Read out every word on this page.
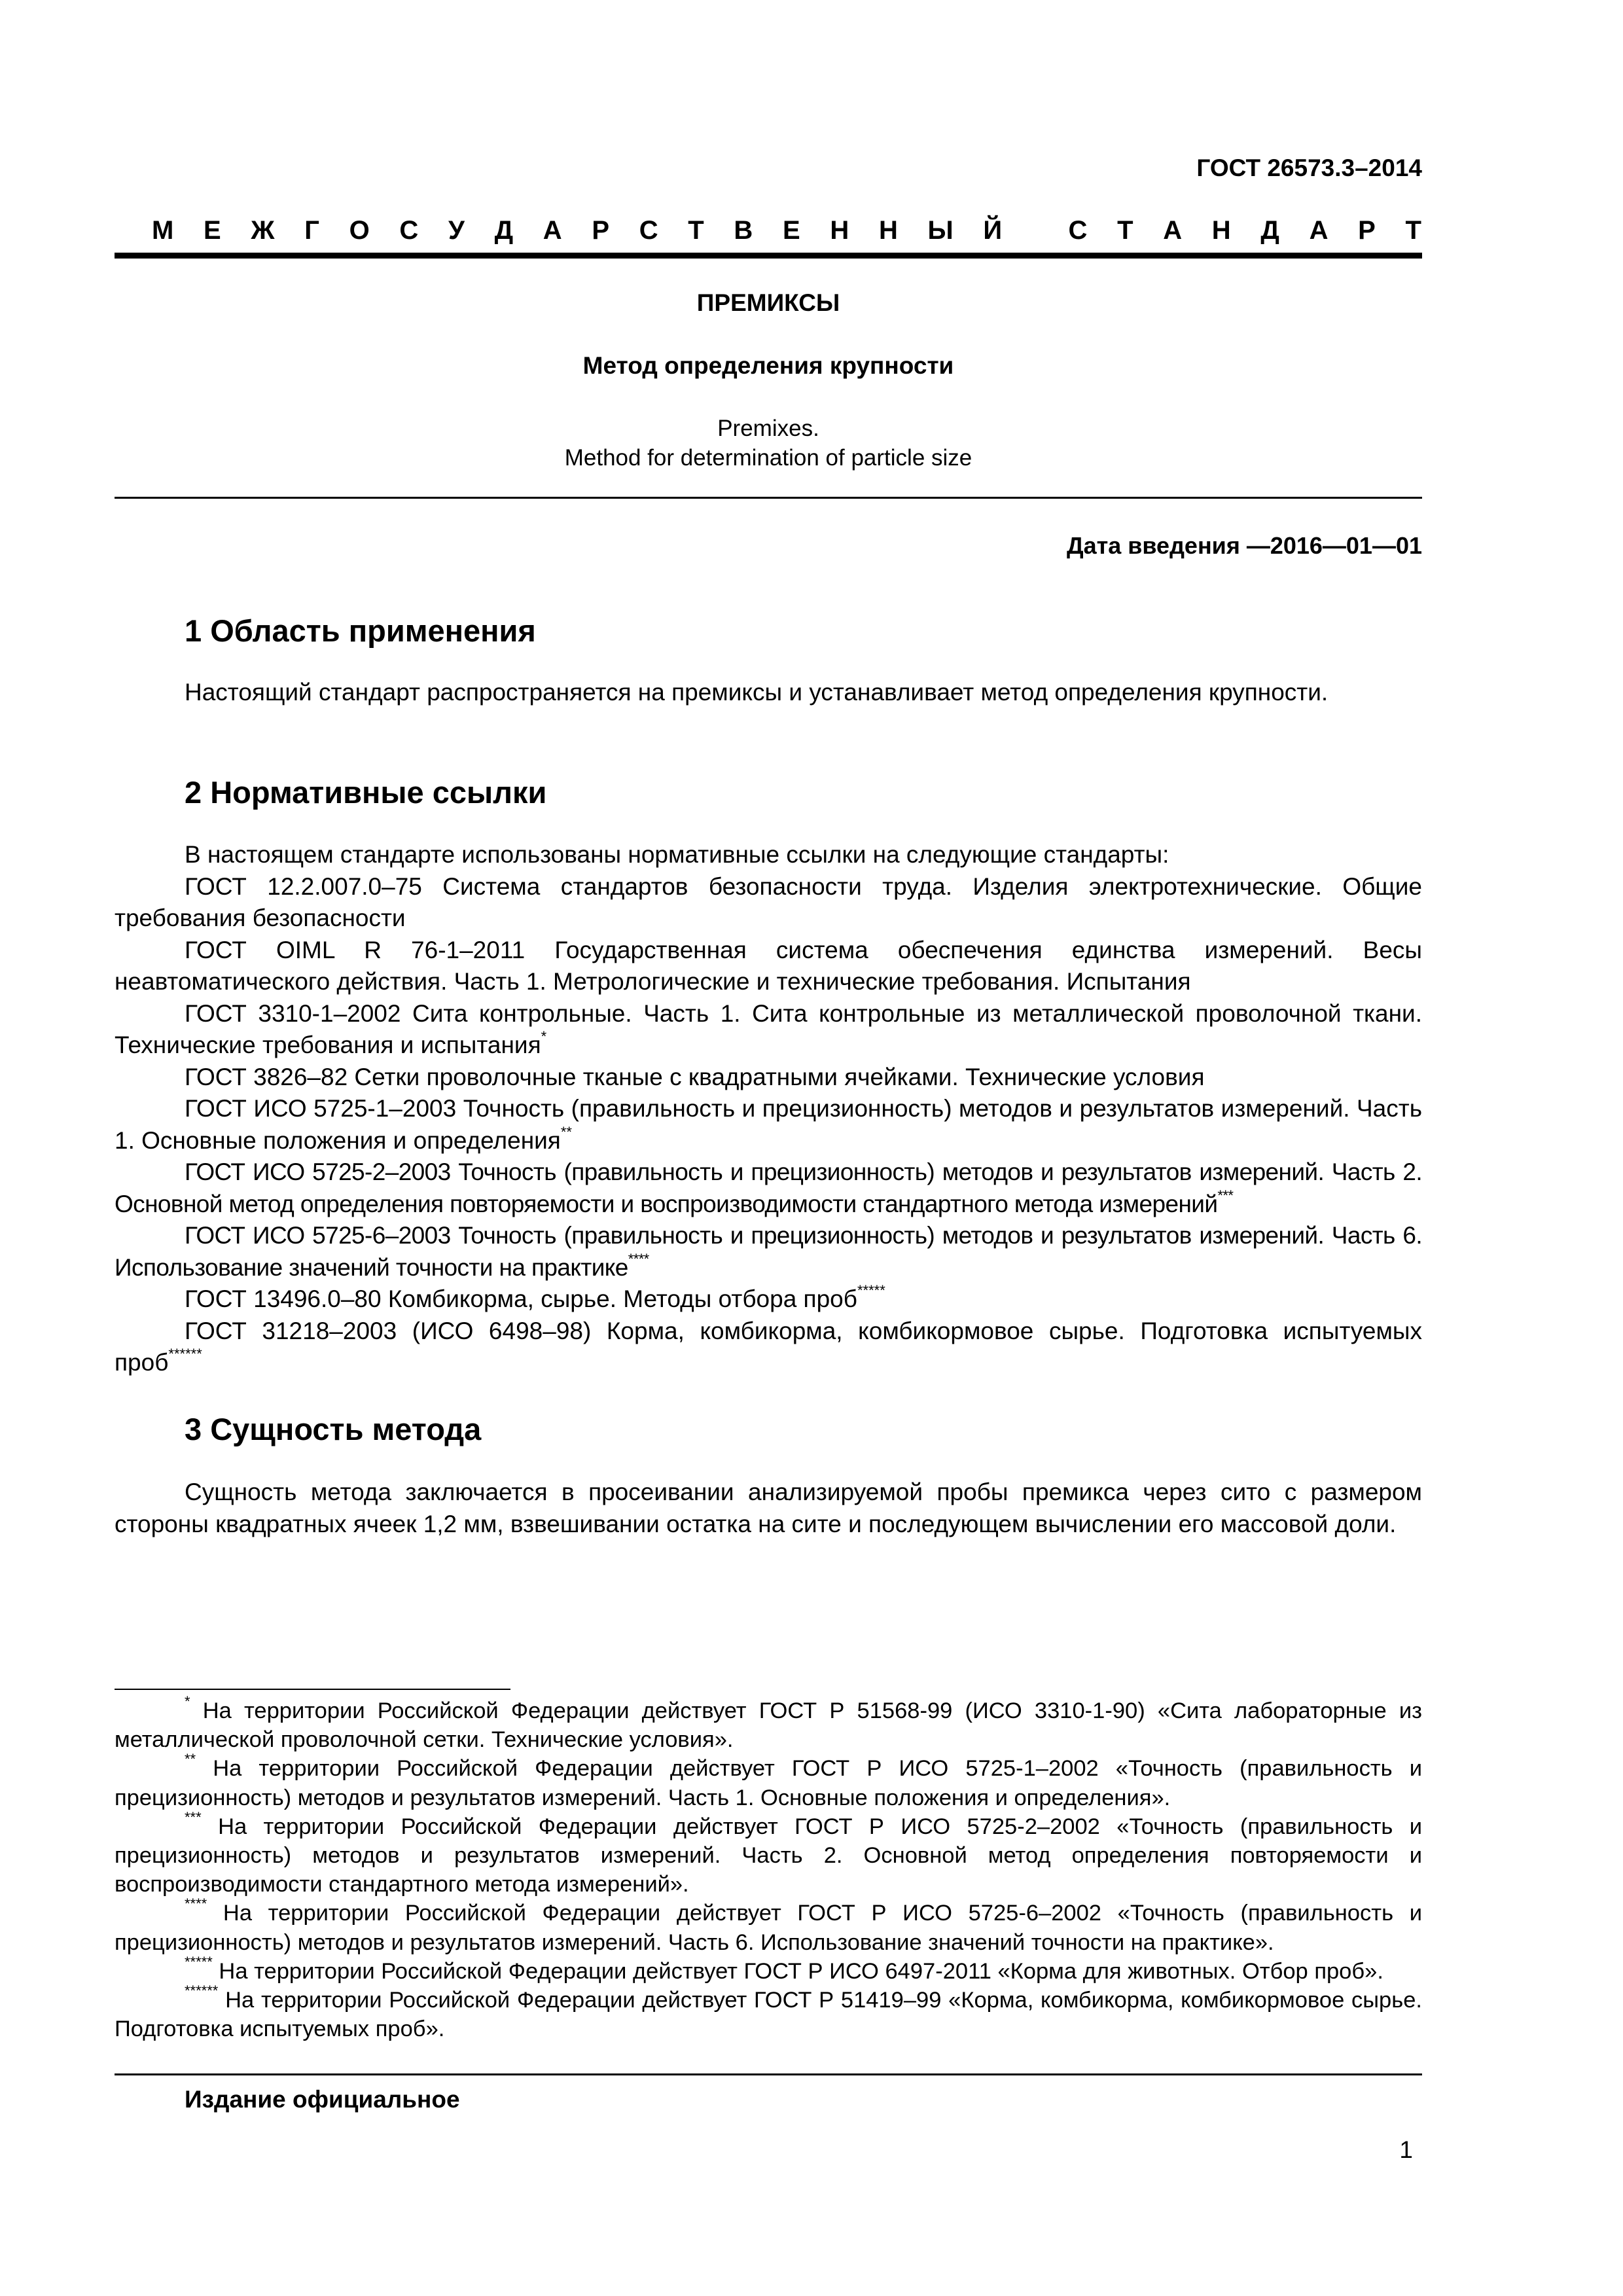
ГОСТ 26573.3–2014
М Е Ж Г О С У Д А Р С Т В Е Н Н Ы Й	С Т А Н Д А Р Т
ПРЕМИКСЫ
Метод определения крупности
Premixes.
Method for determination of particle size
Дата введения —2016—01—01
1 Область применения

Настоящий стандарт распространяется на премиксы и устанавливает метод определения крупности.

2 Нормативные ссылки

В настоящем стандарте использованы нормативные ссылки на следующие стандарты:

ГОСТ 12.2.007.0–75 Система стандартов безопасности труда. Изделия электротехнические. Общие требования безопасности

ГОСТ OIML R 76-1–2011 Государственная система обеспечения единства измерений. Весы неавтоматического действия. Часть 1. Метрологические и технические требования. Испытания

ГОСТ 3310-1–2002 Сита контрольные. Часть 1. Сита контрольные из металлической проволочной ткани. Технические требования и испытания*

ГОСТ 3826–82 Сетки проволочные тканые с квадратными ячейками. Технические условия

ГОСТ ИСО 5725-1–2003 Точность (правильность и прецизионность) методов и результатов измерений. Часть 1. Основные положения и определения**

ГОСТ ИСО 5725-2–2003 Точность (правильность и прецизионность) методов и результатов измерений. Часть 2. Основной метод определения повторяемости и воспроизводимости стандартного метода измерений***

ГОСТ ИСО 5725-6–2003 Точность (правильность и прецизионность) методов и результатов измерений. Часть 6. Использование значений точности на практике****

ГОСТ 13496.0–80 Комбикорма, сырье. Методы отбора проб*****

ГОСТ 31218–2003 (ИСО 6498–98) Корма, комбикорма, комбикормовое сырье. Подготовка испытуемых проб******

3 Сущность метода

Сущность метода заключается в просеивании анализируемой пробы премикса через сито с размером стороны квадратных ячеек 1,2 мм, взвешивании остатка на сите и последующем вычислении его массовой доли.

* На территории Российской Федерации действует ГОСТ Р 51568-99 (ИСО 3310-1-90) «Сита лабораторные из металлической проволочной сетки. Технические условия».

** На территории Российской Федерации действует ГОСТ Р ИСО 5725-1–2002 «Точность (правильность и прецизионность) методов и результатов измерений. Часть 1. Основные положения и определения».

*** На территории Российской Федерации действует ГОСТ Р ИСО 5725-2–2002 «Точность (правильность и прецизионность) методов и результатов измерений. Часть 2. Основной метод определения повторяемости и воспроизводимости стандартного метода измерений».

**** На территории Российской Федерации действует ГОСТ Р ИСО 5725-6–2002 «Точность (правильность и прецизионность) методов и результатов измерений. Часть 6. Использование значений точности на практике».

***** На территории Российской Федерации действует ГОСТ Р ИСО 6497-2011 «Корма для животных. Отбор проб».

****** На территории Российской Федерации действует ГОСТ Р 51419–99 «Корма, комбикорма, комбикормовое сырье. Подготовка испытуемых проб».

Издание официальное
1
